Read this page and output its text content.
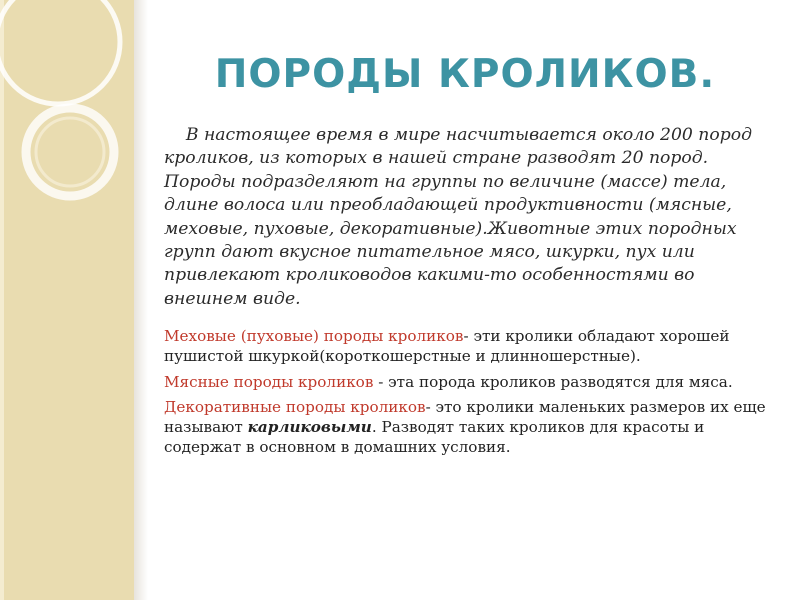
ПОРОДЫ КРОЛИКОВ.
В настоящее время в мире насчитывается около 200 пород кроликов, из которых в нашей стране разводят 20 пород. Породы подразделяют на группы по величине (массе) тела, длине волоса или преобладающей продуктивности (мясные, меховые, пуховые, декоративные).Животные этих породных групп дают вкусное питательное мясо, шкурки, пух или привлекают кролиководов какими-то особенностями во внешнем виде.

Меховые (пуховые) породы кроликов- эти кролики обладают хорошей пушистой шкуркой(короткошерстные и длинношерстные).

Мясные породы кроликов - эта порода кроликов разводятся для мяса.

Декоративные породы кроликов- это кролики маленьких размеров их еще называют карликовыми. Разводят таких кроликов для красоты и содержат в основном в домашних условия.
